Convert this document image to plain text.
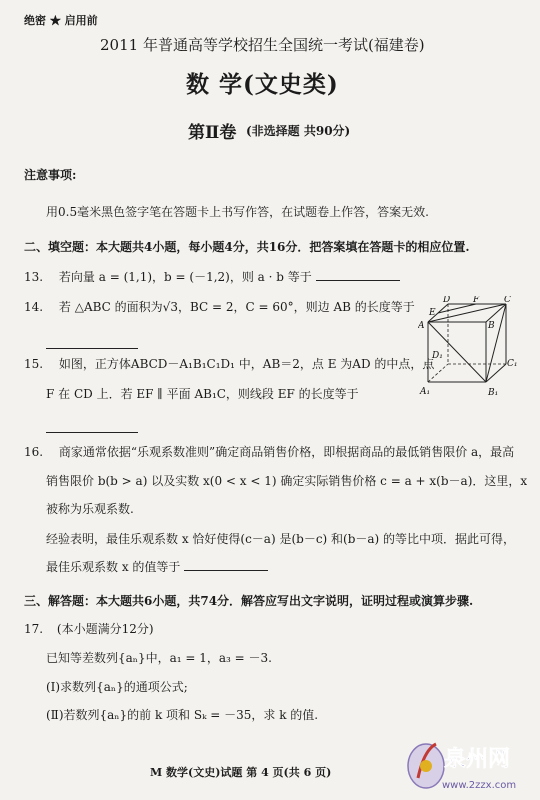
绝密 ★ 启用前
2011 年普通高等学校招生全国统一考试(福建卷)
数 学(文史类)
第Ⅱ卷 (非选择题 共90分)
注意事项:
用0.5毫米黑色签字笔在答题卡上书写作答，在试题卷上作答，答案无效.
二、填空题：本大题共4小题，每小题4分，共16分．把答案填在答题卡的相应位置.
13. 若向量 a = (1,1)，b = (－1,2)，则 a · b 等于
14. 若 △ABC 的面积为√3，BC = 2，C = 60°，则边 AB 的长度等于
15. 如图，正方体ABCD－A₁B₁C₁D₁ 中，AB＝2，点 E 为AD 的中点，点
F 在 CD 上．若 EF ∥ 平面 AB₁C，则线段 EF 的长度等于
D	F	C
E
A	B
D₁
C₁
A₁	B₁
16. 商家通常依据“乐观系数准则”确定商品销售价格，即根据商品的最低销售限价 a，最高
销售限价 b(b > a) 以及实数 x(0 < x < 1) 确定实际销售价格 c = a + x(b－a)．这里，x
被称为乐观系数.
经验表明，最佳乐观系数 x 恰好使得(c－a) 是(b－c) 和(b－a) 的等比中项．据此可得，
最佳乐观系数 x 的值等于
三、解答题：本大题共6小题，共74分．解答应写出文字说明，证明过程或演算步骤.
17. (本小题满分12分)
已知等差数列{aₙ}中，a₁ = 1，a₃ = －3.
(Ⅰ)求数列{aₙ}的通项公式;
(Ⅱ)若数列{aₙ}的前 k 项和 Sₖ = －35，求 k 的值.
M 数学(文史)试题 第 4 页(共 6 页)
泉州网
www.2zzx.com
